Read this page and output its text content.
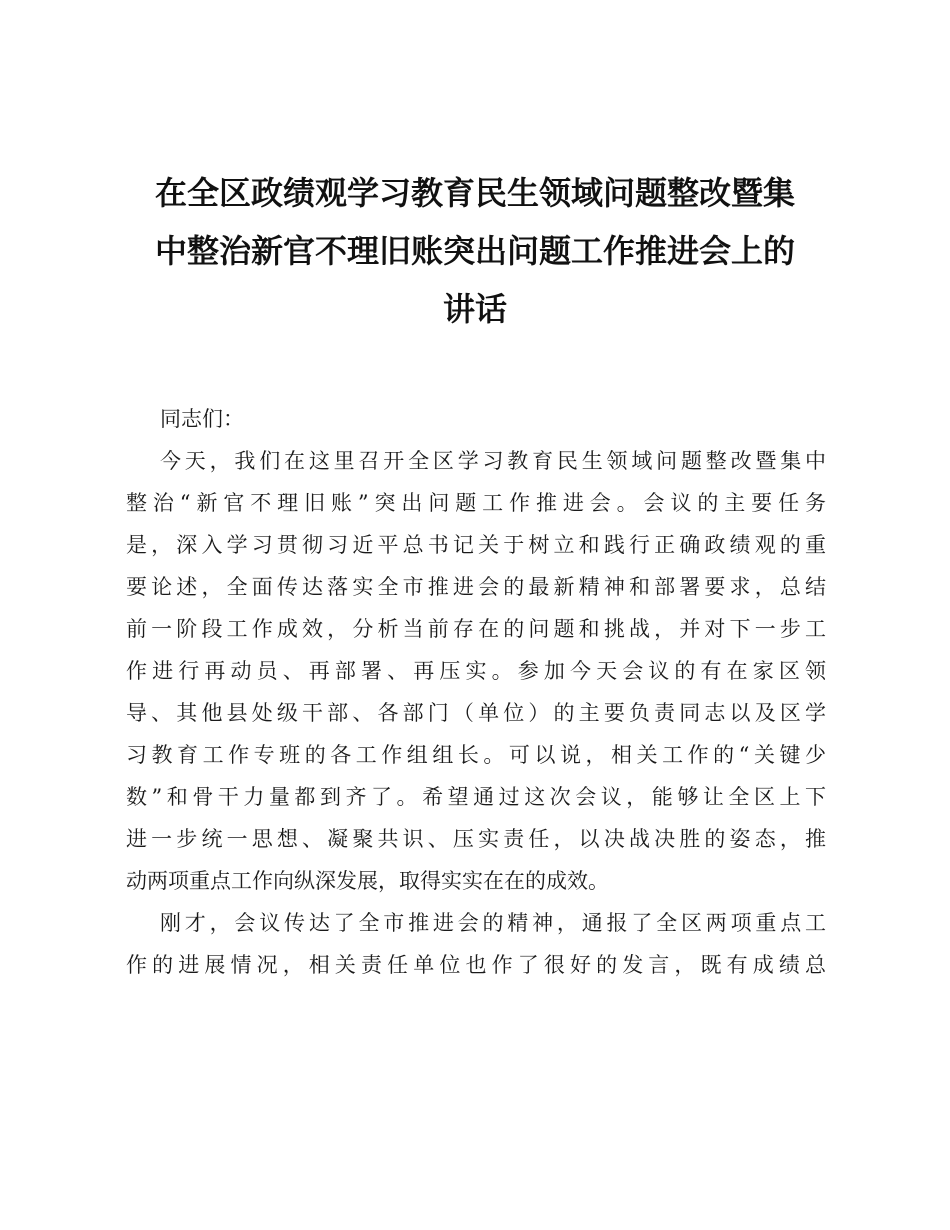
在全区政绩观学习教育民生领域问题整改暨集
中整治新官不理旧账突出问题工作推进会上的
讲话

同志们：

今天，我们在这里召开全区学习教育民生领域问题整改暨集中
整治“新官不理旧账”突出问题工作推进会。会议的主要任务
是，深入学习贯彻习近平总书记关于树立和践行正确政绩观的重
要论述，全面传达落实全市推进会的最新精神和部署要求，总结
前一阶段工作成效，分析当前存在的问题和挑战，并对下一步工
作进行再动员、再部署、再压实。参加今天会议的有在家区领
导、其他县处级干部、各部门（单位）的主要负责同志以及区学
习教育工作专班的各工作组组长。可以说，相关工作的“关键少
数”和骨干力量都到齐了。希望通过这次会议，能够让全区上下
进一步统一思想、凝聚共识、压实责任，以决战决胜的姿态，推
动两项重点工作向纵深发展，取得实实在在的成效。

刚才，会议传达了全市推进会的精神，通报了全区两项重点工
作的进展情况，相关责任单位也作了很好的发言，既有成绩总
